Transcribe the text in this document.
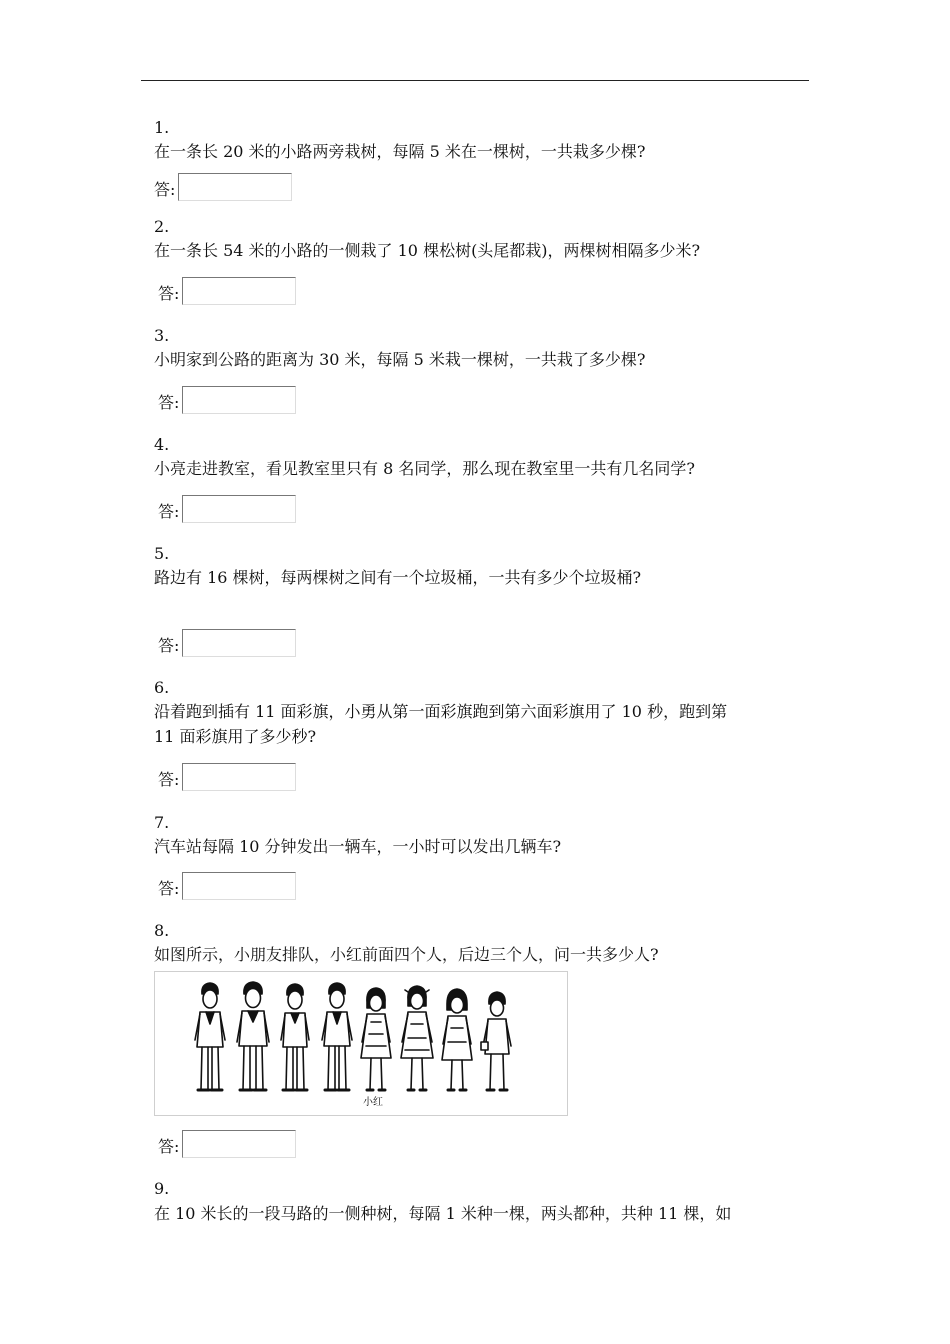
1.
在一条长 20 米的小路两旁栽树，每隔 5 米在一棵树，一共栽多少棵?
答:
2.
在一条长 54 米的小路的一侧栽了 10 棵松树(头尾都栽)，两棵树相隔多少米?
答:
3.
小明家到公路的距离为 30 米，每隔 5 米栽一棵树，一共栽了多少棵?
答:
4.
小亮走进教室，看见教室里只有 8 名同学，那么现在教室里一共有几名同学?
答:
5.
路边有 16 棵树，每两棵树之间有一个垃圾桶，一共有多少个垃圾桶?
答:
6.
沿着跑到插有 11 面彩旗，小勇从第一面彩旗跑到第六面彩旗用了 10 秒，跑到第
11 面彩旗用了多少秒?
答:
7.
汽车站每隔 10 分钟发出一辆车，一小时可以发出几辆车?
答:
8.
如图所示，小朋友排队，小红前面四个人，后边三个人，问一共多少人?
小红
答:
9.
在 10 米长的一段马路的一侧种树，每隔 1 米种一棵，两头都种，共种 11 棵，如
